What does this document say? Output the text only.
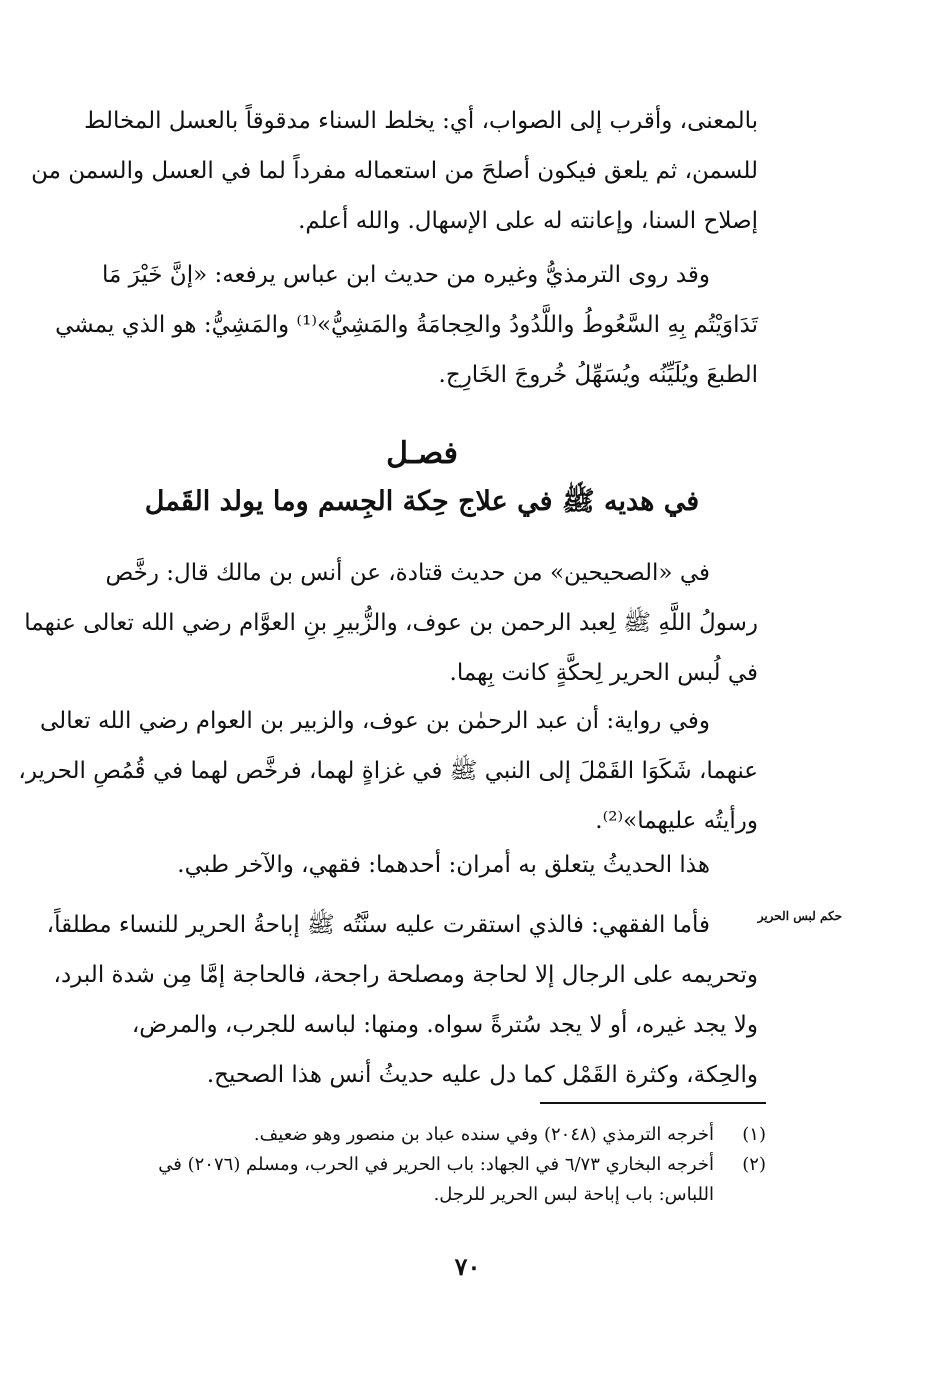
بالمعنى، وأقرب إلى الصواب، أي: يخلط السناء مدقوقاً بالعسل المخالط
للسمن، ثم يلعق فيكون أصلحَ من استعماله مفرداً لما في العسل والسمن من
إصلاح السنا، وإعانته له على الإسهال. والله أعلم.
وقد روى الترمذيُّ وغيره من حديث ابن عباس يرفعه: «إنَّ خَيْرَ مَا
تَدَاوَيْتُم بِهِ السَّعُوطُ واللَّدُودُ والحِجامَةُ والمَشِيُّ»⁽¹⁾ والمَشِيُّ: هو الذي يمشي
الطبعَ ويُلَيِّنُه ويُسَهِّلُ خُروجَ الخَارِج.
فصـل
في هديه ﷺ في علاج حِكة الجِسم وما يولد القَمل
في «الصحيحين» من حديث قتادة، عن أنس بن مالك قال: رخَّص
رسولُ اللَّهِ ﷺ لِعبد الرحمن بن عوف، والزُّبيرِ بنِ العوَّام رضي الله تعالى عنهما
في لُبس الحرير لِحكَّةٍ كانت بِهما.
وفي رواية: أن عبد الرحمٰن بن عوف، والزبير بن العوام رضي الله تعالى
عنهما، شَكَوَا القَمْلَ إلى النبي ﷺ في غزاةٍ لهما، فرخَّص لهما في قُمُصِ الحرير،
ورأيتُه عليهما»⁽²⁾.
هذا الحديثُ يتعلق به أمران: أحدهما: فقهي، والآخر طبي.
حكم لبس الحرير
فأما الفقهي: فالذي استقرت عليه سنَّتُه ﷺ إباحةُ الحرير للنساء مطلقاً،
وتحريمه على الرجال إلا لحاجة ومصلحة راجحة، فالحاجة إمَّا مِن شدة البرد،
ولا يجد غيره، أو لا يجد سُترةً سواه. ومنها: لباسه للجرب، والمرض،
والحِكة، وكثرة القَمْل كما دل عليه حديثُ أنس هذا الصحيح.
(١)
أخرجه الترمذي (٢٠٤٨) وفي سنده عباد بن منصور وهو ضعيف.
(٢)
أخرجه البخاري ٦/٧٣ في الجهاد: باب الحرير في الحرب، ومسلم (٢٠٧٦) في
اللباس: باب إباحة لبس الحرير للرجل.
٧٠
